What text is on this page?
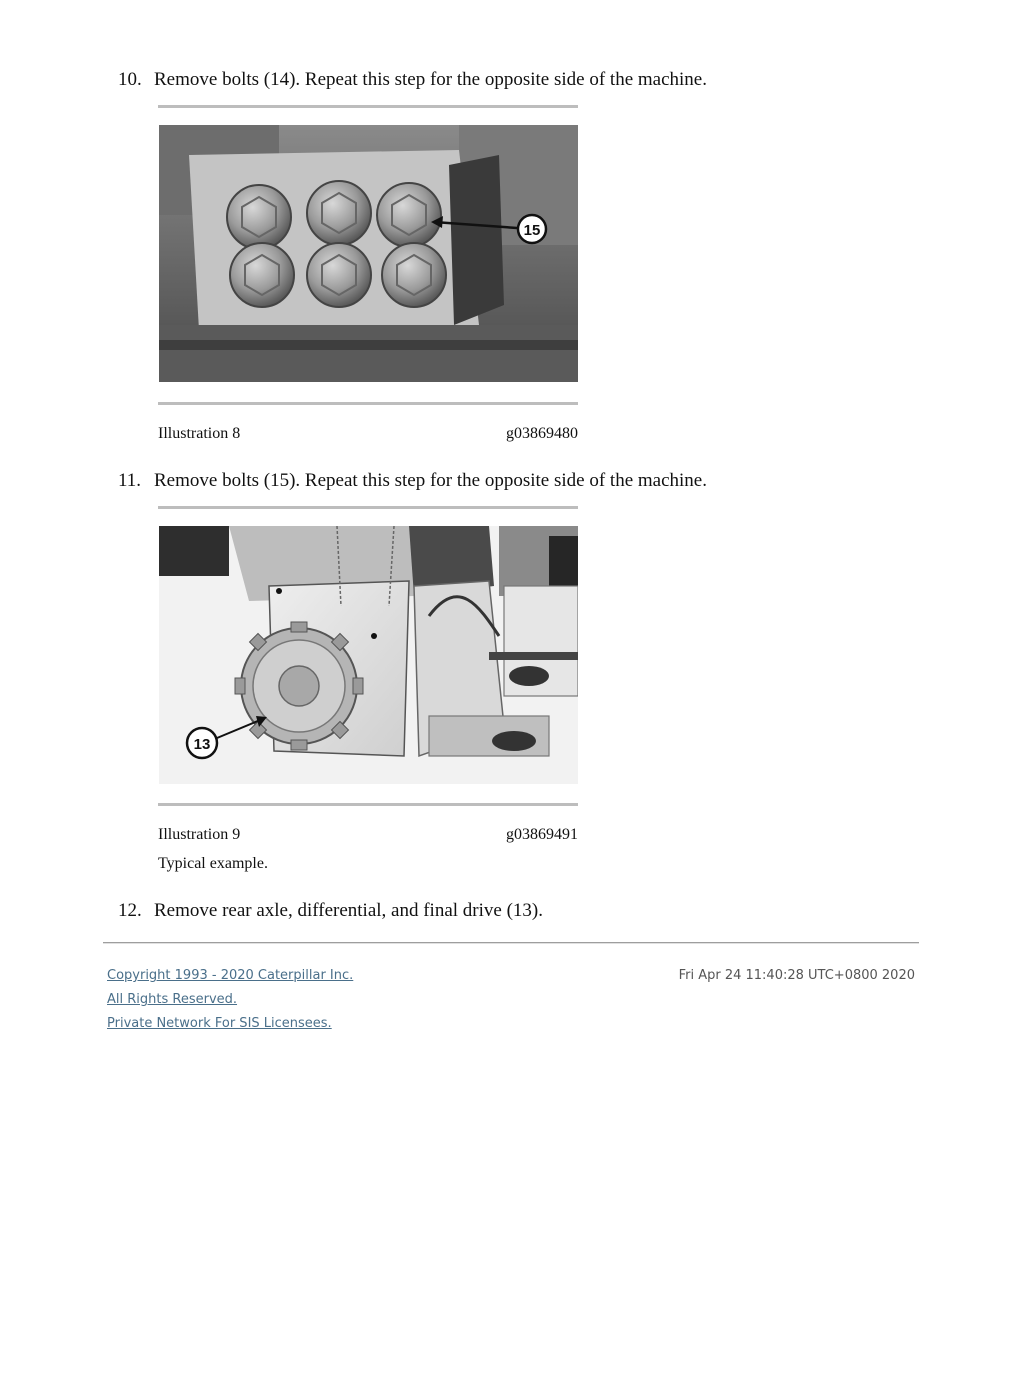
10. Remove bolts (14). Repeat this step for the opposite side of the machine.
15
Illustration 8	g03869480
11. Remove bolts (15). Repeat this step for the opposite side of the machine.
13
Illustration 9	g03869491
Typical example.
12. Remove rear axle, differential, and final drive (13).
Copyright 1993 - 2020 Caterpillar Inc.
All Rights Reserved.
Private Network For SIS Licensees.
Fri Apr 24 11:40:28 UTC+0800 2020
